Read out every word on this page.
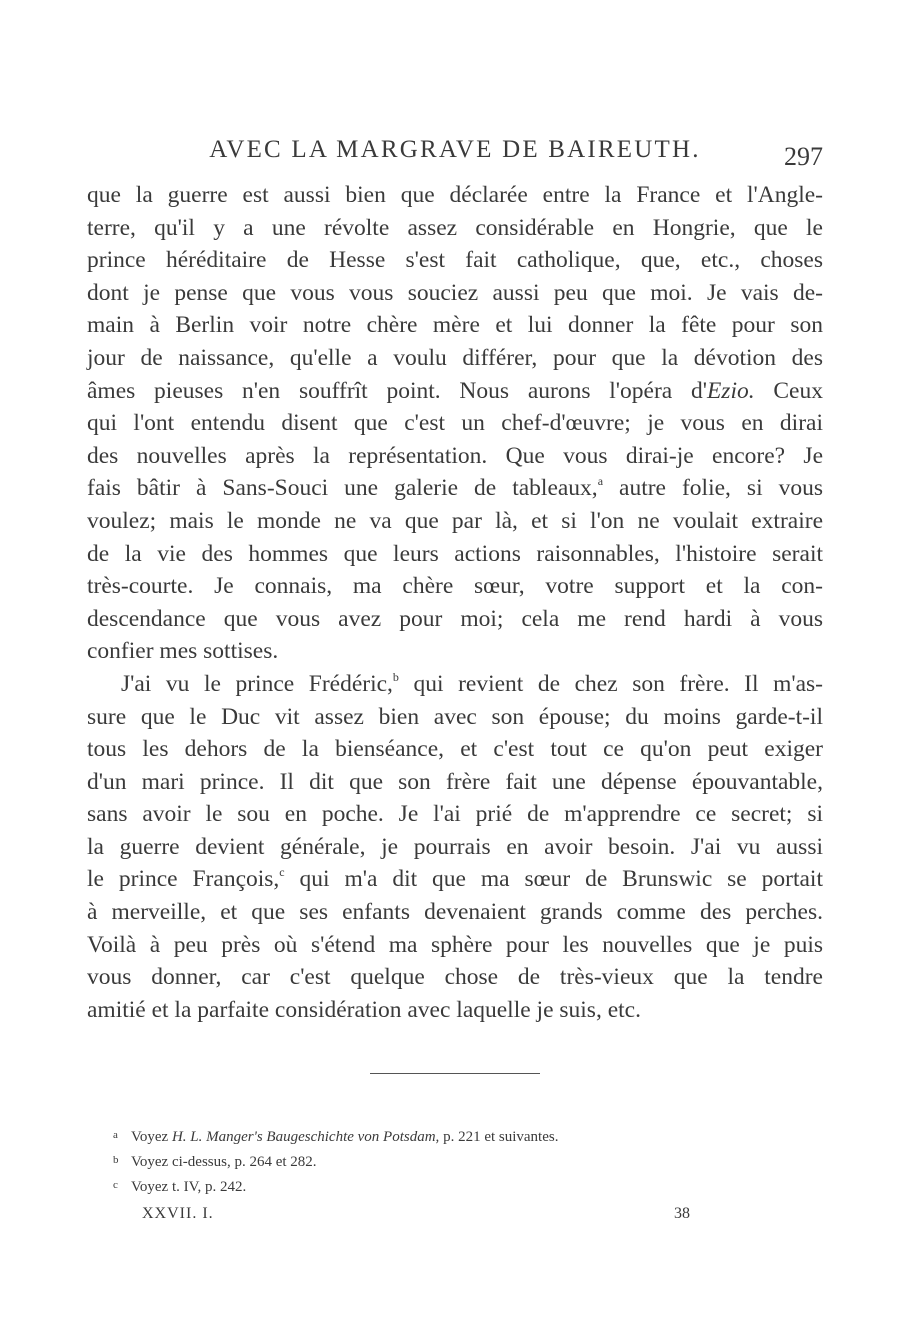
AVEC LA MARGRAVE DE BAIREUTH.	297
que la guerre est aussi bien que déclarée entre la France et l'Angle-
terre, qu'il y a une révolte assez considérable en Hongrie, que le
prince héréditaire de Hesse s'est fait catholique, que, etc., choses
dont je pense que vous vous souciez aussi peu que moi. Je vais de-
main à Berlin voir notre chère mère et lui donner la fête pour son
jour de naissance, qu'elle a voulu différer, pour que la dévotion des
âmes pieuses n'en souffrît point. Nous aurons l'opéra d'Ezio. Ceux
qui l'ont entendu disent que c'est un chef-d'œuvre; je vous en dirai
des nouvelles après la représentation. Que vous dirai-je encore? Je
fais bâtir à Sans-Souci une galerie de tableaux,$^a$ autre folie, si vous
voulez; mais le monde ne va que par là, et si l'on ne voulait extraire
de la vie des hommes que leurs actions raisonnables, l'histoire serait
très-courte. Je connais, ma chère sœur, votre support et la con-
descendance que vous avez pour moi; cela me rend hardi à vous
confier mes sottises.
J'ai vu le prince Frédéric,$^b$ qui revient de chez son frère. Il m'as-
sure que le Duc vit assez bien avec son épouse; du moins garde-t-il
tous les dehors de la bienséance, et c'est tout ce qu'on peut exiger
d'un mari prince. Il dit que son frère fait une dépense épouvantable,
sans avoir le sou en poche. Je l'ai prié de m'apprendre ce secret; si
la guerre devient générale, je pourrais en avoir besoin. J'ai vu aussi
le prince François,$^c$ qui m'a dit que ma sœur de Brunswic se portait
à merveille, et que ses enfants devenaient grands comme des perches.
Voilà à peu près où s'étend ma sphère pour les nouvelles que je puis
vous donner, car c'est quelque chose de très-vieux que la tendre
amitié et la parfaite considération avec laquelle je suis, etc.
a Voyez H. L. Manger's Baugeschichte von Potsdam, p. 221 et suivantes.
b Voyez ci-dessus, p. 264 et 282.
c Voyez t. IV, p. 242.
XXVII. I.	38
